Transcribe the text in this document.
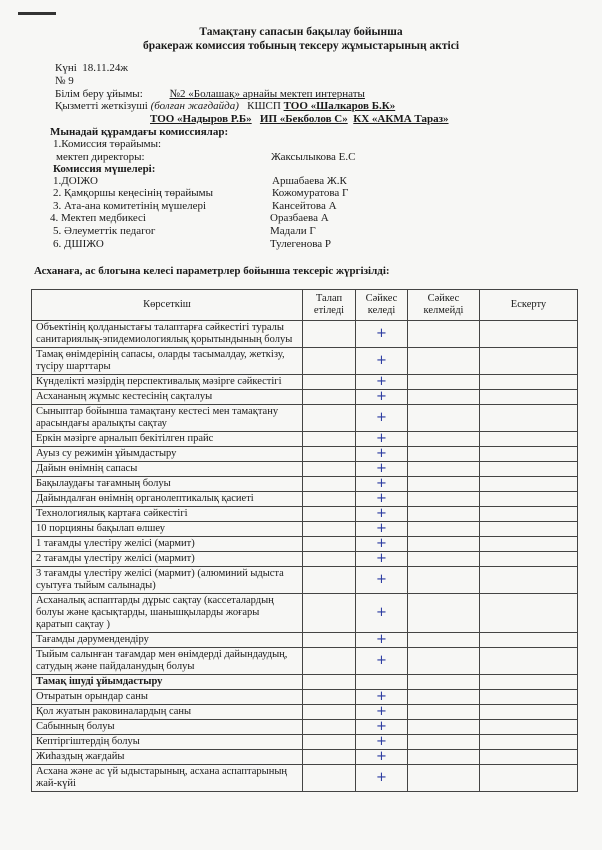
Тамақтану сапасын бақылау бойынша
бракераж комиссия тобының тексеру жұмыстарының актісі
Күні 18.11.24ж
№ 9
Білім беру ұйымы: №2 «Болашақ» арнайы мектеп интернаты
Қызметті жеткізуші (болған жағдайда) КШСП ТОО «Шалкаров Б.К»
ТОО «Надыров Р.Б» ИП «Бекболов С» КХ «АКМА Тараз»
Мынадай құрамдағы комиссиялар:
1.Комиссия төрайымы:
мектеп директоры:	Жаксылыкова Е.С
Комиссия мүшелері:
1.ДОІЖО	Аршабаева Ж.К
2. Қамқоршы кеңесінің төрайымы	Кожомуратова Г
3. Ата-ана комитетінің мүшелері	Кансейтова А
4. Мектеп медбикесі	Оразбаева А
5. Әлеуметтік педагог	Мадали Г
6. ДШІЖО	Тулегенова Р
Асханаға, ас блогына келесі параметрлер бойынша тексеріс жүргізілді:
Көрсеткіш	Талап етіледі	Сәйкес келеді	Сәйкес келмейді	Ескерту
Объектінің қолданыстағы талаптарға сәйкестігі туралы санитариялық-эпидемиологиялық қорытындының болуы		+		
Тамақ өнімдерінің сапасы, оларды тасымалдау, жеткізу, түсіру шарттары		+		
Күнделікті мәзірдің перспективалық мәзірге сәйкестігі		+		
Асхананың жұмыс кестесінің сақталуы		+		
Сыныптар бойынша тамақтану кестесі мен тамақтану арасындағы аралықты сақтау		+		
Еркін мәзірге арналып бекітілген прайс		+		
Ауыз су режимін ұйымдастыру		+		
Дайын өнімнің сапасы		+		
Бақылаудағы тағамның болуы		+		
Дайындалған өнімнің органолептикалық қасиеті		+		
Технологиялық картаға сәйкестігі		+		
10 порцияны бақылап өлшеу		+		
1 тағамды үлестіру желісі (мармит)		+		
2 тағамды үлестіру желісі (мармит)		+		
3 тағамды үлестіру желісі (мармит) (алюминий ыдыста суытуға тыйым салынады)		+		
Асханалық аспаптарды дұрыс сақтау (кассеталардың болуы және қасықтарды, шанышқыларды жоғары қаратып сақтау )		+		
Тағамды дәрумендендіру		+		
Тыйым салынған тағамдар мен өнімдерді дайындаудың, сатудың және пайдаланудың болуы		+		
Тамақ ішуді ұйымдастыру				
Отыратын орындар саны		+		
Қол жуатын раковиналардың саны		+		
Сабынның болуы		+		
Кептіргіштердің болуы		+		
Жиһаздың жағдайы		+		
Асхана және ас үй ыдыстарының, асхана аспаптарының жай-күйі		+		
